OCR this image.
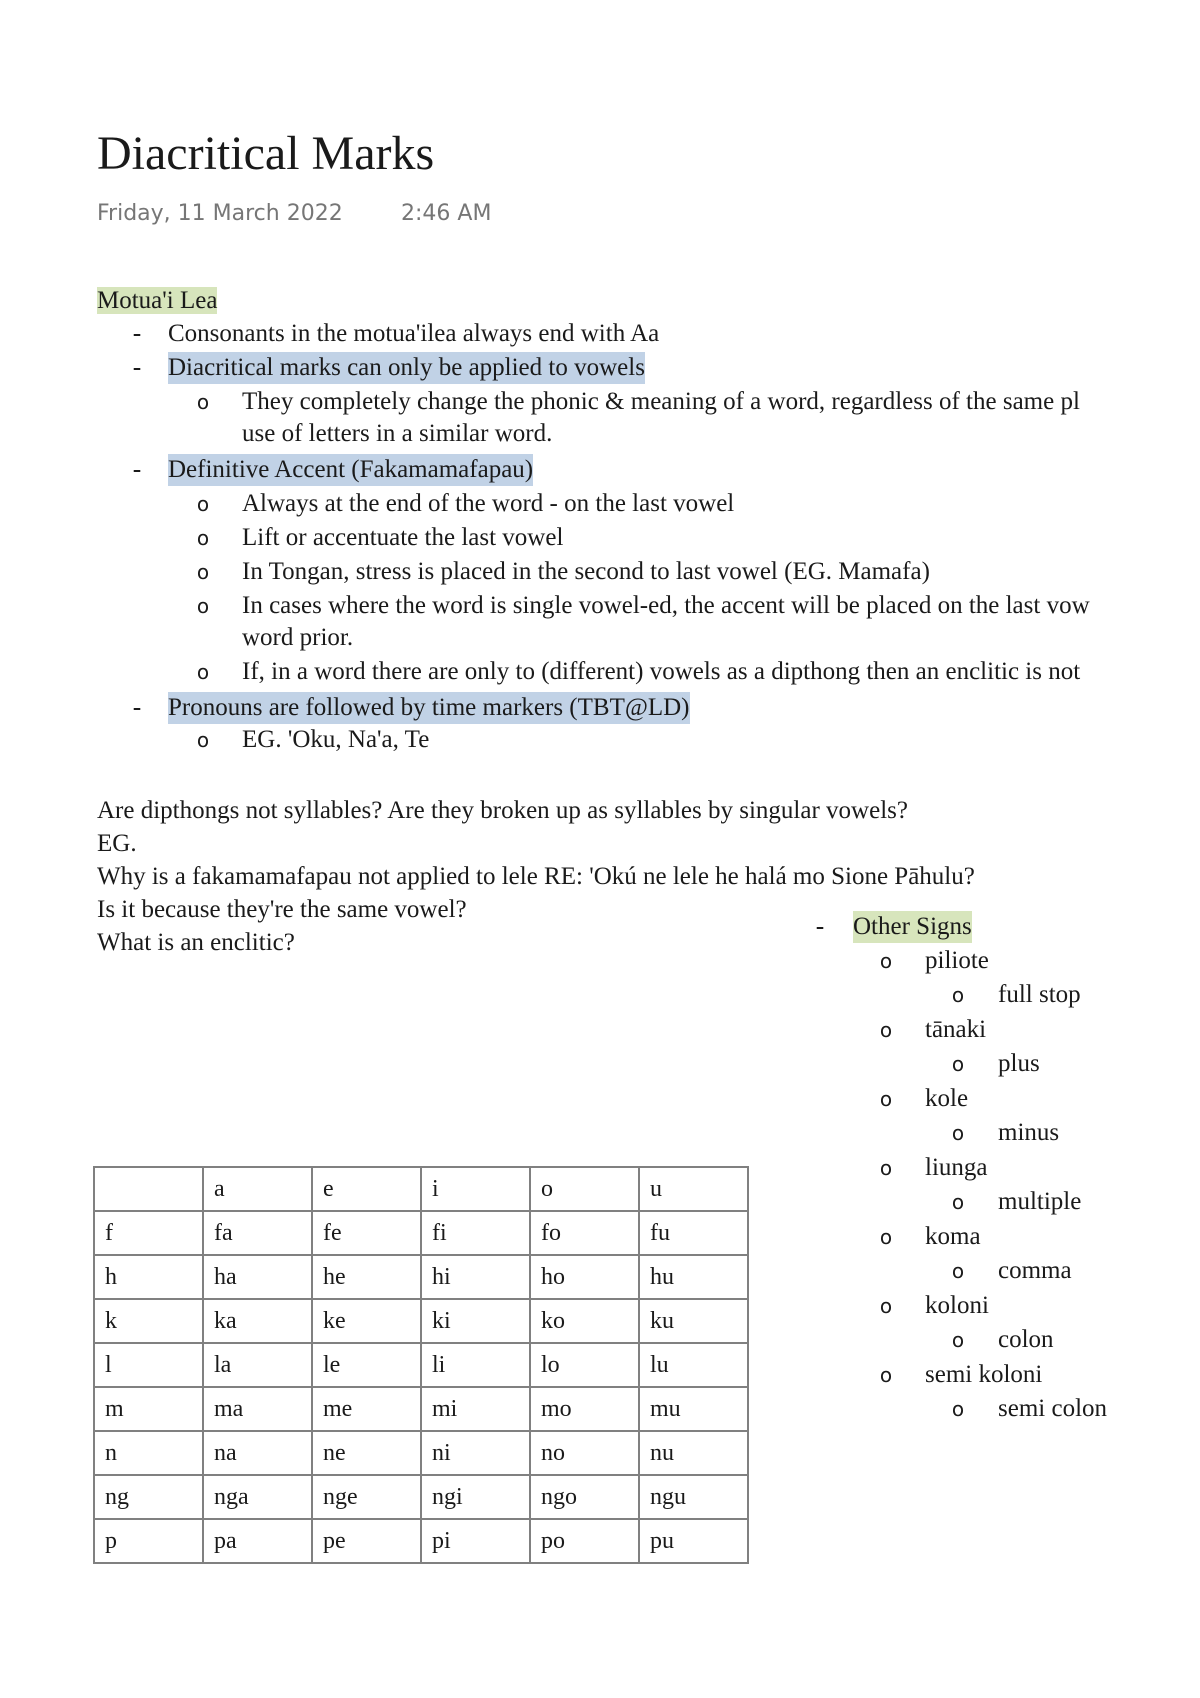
Diacritical Marks
Friday, 11 March 2022	2:46 AM
Motua'i Lea
-	Consonants in the motua'ilea always end with Aa
-	Diacritical marks can only be applied to vowels
o They completely change the phonic & meaning of a word, regardless of the same pl
use of letters in a similar word.
-	Definitive Accent (Fakamamafapau)
o Always at the end of the word - on the last vowel
o Lift or accentuate the last vowel
o In Tongan, stress is placed in the second to last vowel (EG. Mamafa)
o In cases where the word is single vowel-ed, the accent will be placed on the last vow
word prior.
o If, in a word there are only to (different) vowels as a dipthong then an enclitic is not
-	Pronouns are followed by time markers (TBT@LD)
o EG. 'Oku, Na'a, Te
Are dipthongs not syllables? Are they broken up as syllables by singular vowels?
EG.
Why is a fakamamafapau not applied to lele RE: 'Okú ne lele he halá mo Sione Pāhulu?
Is it because they're the same vowel?
What is an enclitic?
-	Other Signs
o piliote
o full stop
o tānaki
o plus
o kole
o minus
o liunga
o multiple
o koma
o comma
o koloni
o colon
o semi koloni
o semi colon
	a	e	i	o	u
f	fa	fe	fi	fo	fu
h	ha	he	hi	ho	hu
k	ka	ke	ki	ko	ku
l	la	le	li	lo	lu
m	ma	me	mi	mo	mu
n	na	ne	ni	no	nu
ng	nga	nge	ngi	ngo	ngu
p	pa	pe	pi	po	pu
